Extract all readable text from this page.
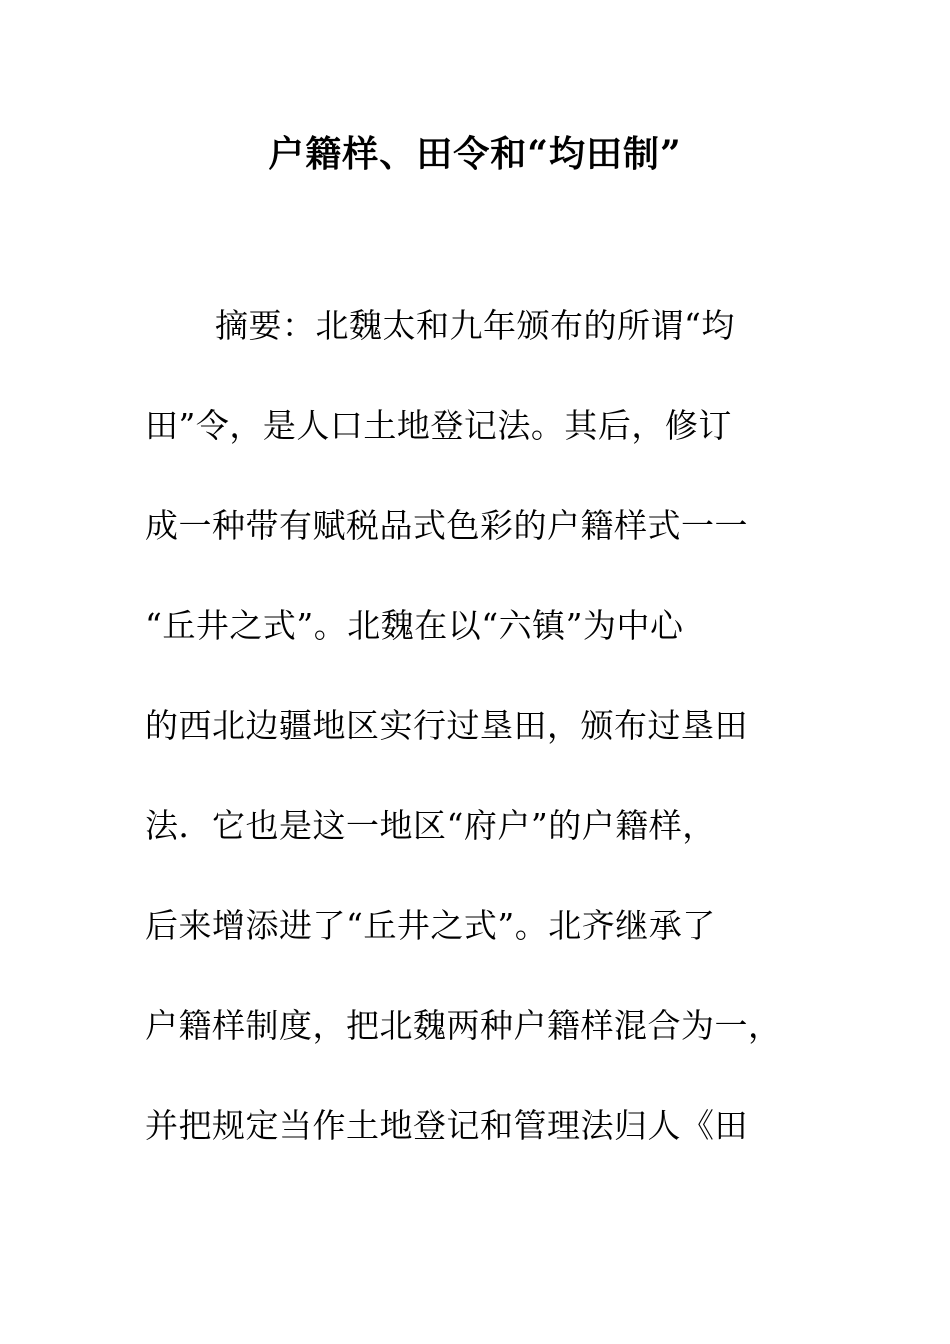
户籍样、田令和“均田制”
摘要：北魏太和九年颁布的所谓“均
田”令，是人口土地登记法。其后，修订
成一种带有赋税品式色彩的户籍样式一一
“丘井之式”。北魏在以“六镇”为中心
的西北边疆地区实行过垦田，颁布过垦田
法．它也是这一地区“府户”的户籍样，
后来增添进了“丘井之式”。北齐继承了
户籍样制度，把北魏两种户籍样混合为一，
并把规定当作土地登记和管理法归人《田
